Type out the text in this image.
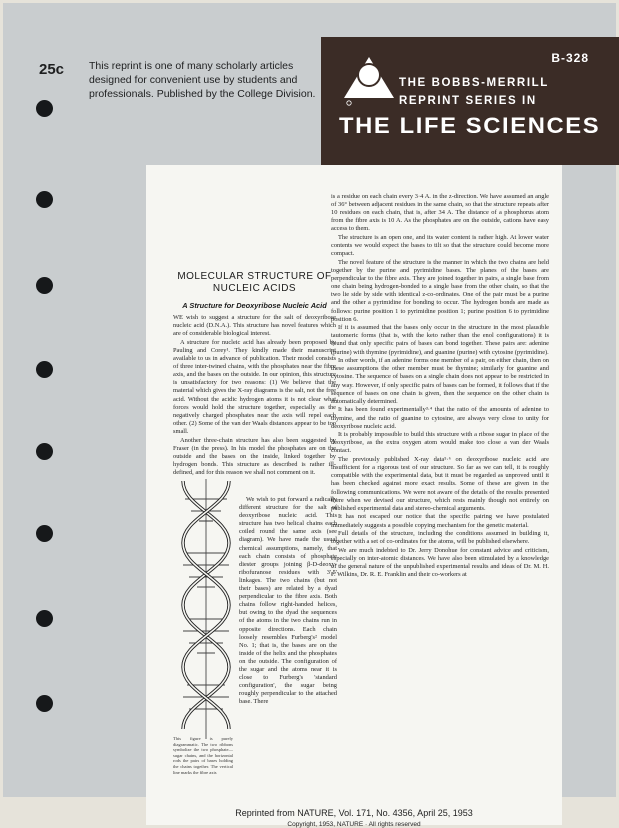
25c This reprint is one of many scholarly articles designed for convenient use by students and professionals. Published by the College Division.
B-328
THE BOBBS-MERRILL
REPRINT SERIES IN
THE LIFE SCIENCES
MOLECULAR STRUCTURE OF
NUCLEIC ACIDS
A Structure for Deoxyribose Nucleic Acid

WE wish to suggest a structure for the salt of deoxyribose nucleic acid (D.N.A.). This structure has novel features which are of considerable biological interest.

A structure for nucleic acid has already been proposed by Pauling and Corey¹. They kindly made their manuscript available to us in advance of publication. Their model consists of three inter-twined chains, with the phosphates near the fibre axis, and the bases on the outside. In our opinion, this structure is unsatisfactory for two reasons: (1) We believe that the material which gives the X-ray diagrams is the salt, not the free acid. Without the acidic hydrogen atoms it is not clear what forces would hold the structure together, especially as the negatively charged phosphates near the axis will repel each other. (2) Some of the van der Waals distances appear to be too small.

Another three-chain structure has also been suggested by Fraser (in the press). In his model the phosphates are on the outside and the bases on the inside, linked together by hydrogen bonds. This structure as described is rather ill-defined, and for this reason we shall not comment on it.

This figure is purely diagrammatic. The two ribbons symbolize the two phosphate—sugar chains, and the horizontal rods the pairs of bases holding the chains together. The vertical line marks the fibre axis

We wish to put forward a radically different structure for the salt of deoxyribose nucleic acid. This structure has two helical chains each coiled round the same axis (see diagram). We have made the usual chemical assumptions, namely, that each chain consists of phosphate diester groups joining β-D-deoxy-ribofuranose residues with 3',5' linkages. The two chains (but not their bases) are related by a dyad perpendicular to the fibre axis. Both chains follow right-handed helices, but owing to the dyad the sequences of the atoms in the two chains run in opposite directions. Each chain loosely resembles Furberg's² model No. 1; that is, the bases are on the inside of the helix and the phosphates on the outside. The configuration of the sugar and the atoms near it is close to Furberg's 'standard configuration', the sugar being roughly perpendicular to the attached base. There

is a residue on each chain every 3·4 A. in the z-direction. We have assumed an angle of 36° between adjacent residues in the same chain, so that the structure repeats after 10 residues on each chain, that is, after 34 A. The distance of a phosphorus atom from the fibre axis is 10 A. As the phosphates are on the outside, cations have easy access to them.

The structure is an open one, and its water content is rather high. At lower water contents we would expect the bases to tilt so that the structure could become more compact.

The novel feature of the structure is the manner in which the two chains are held together by the purine and pyrimidine bases. The planes of the bases are perpendicular to the fibre axis. They are joined together in pairs, a single base from one chain being hydrogen-bonded to a single base from the other chain, so that the two lie side by side with identical z-co-ordinates. One of the pair must be a purine and the other a pyrimidine for bonding to occur. The hydrogen bonds are made as follows: purine position 1 to pyrimidine position 1; purine position 6 to pyrimidine position 6.

If it is assumed that the bases only occur in the structure in the most plausible tautomeric forms (that is, with the keto rather than the enol configurations) it is found that only specific pairs of bases can bond together. These pairs are: adenine (purine) with thymine (pyrimidine), and guanine (purine) with cytosine (pyrimidine).

In other words, if an adenine forms one member of a pair, on either chain, then on these assumptions the other member must be thymine; similarly for guanine and cytosine. The sequence of bases on a single chain does not appear to be restricted in any way. However, if only specific pairs of bases can be formed, it follows that if the sequence of bases on one chain is given, then the sequence on the other chain is automatically determined.

It has been found experimentally³·⁴ that the ratio of the amounts of adenine to thymine, and the ratio of guanine to cytosine, are always very close to unity for deoxyribose nucleic acid.

It is probably impossible to build this structure with a ribose sugar in place of the deoxyribose, as the extra oxygen atom would make too close a van der Waals contact.

The previously published X-ray data⁵·⁶ on deoxyribose nucleic acid are insufficient for a rigorous test of our structure. So far as we can tell, it is roughly compatible with the experimental data, but it must be regarded as unproved until it has been checked against more exact results. Some of these are given in the following communications. We were not aware of the details of the results presented there when we devised our structure, which rests mainly though not entirely on published experimental data and stereo-chemical arguments.

It has not escaped our notice that the specific pairing we have postulated immediately suggests a possible copying mechanism for the genetic material.

Full details of the structure, including the conditions assumed in building it, together with a set of co-ordinates for the atoms, will be published elsewhere.

We are much indebted to Dr. Jerry Donohue for constant advice and criticism, especially on inter-atomic distances. We have also been stimulated by a knowledge of the general nature of the unpublished experimental results and ideas of Dr. M. H. F. Wilkins, Dr. R. E. Franklin and their co-workers at

Reprinted from NATURE, Vol. 171, No. 4356, April 25, 1953
Copyright, 1953, NATURE · All rights reserved
